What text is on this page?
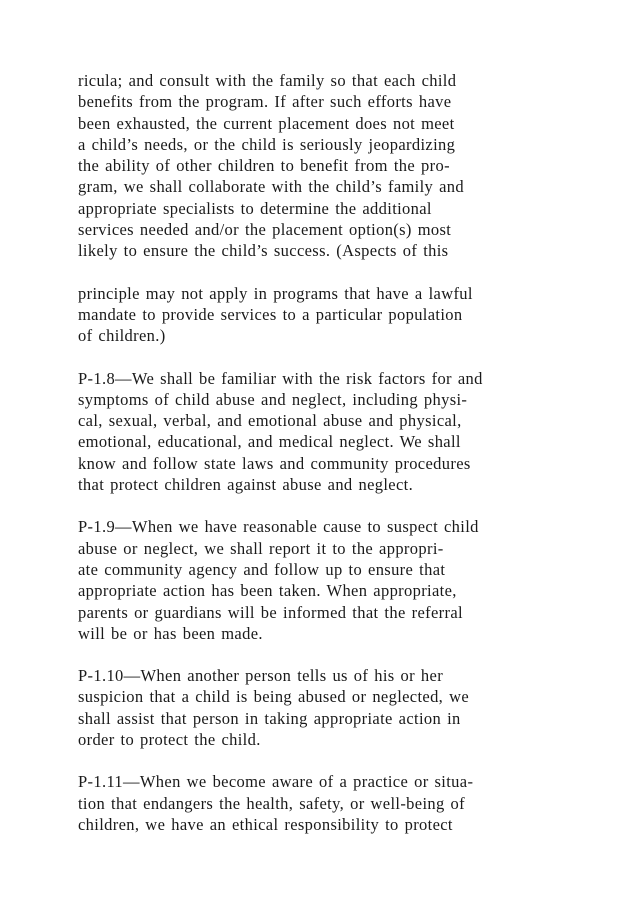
ricula; and consult with the family so that each child
benefits from the program. If after such efforts have
been exhausted, the current placement does not meet
a child’s needs, or the child is seriously jeopardizing
the ability of other children to benefit from the pro-
gram, we shall collaborate with the child’s family and
appropriate specialists to determine the additional
services needed and/or the placement option(s) most
likely to ensure the child’s success. (Aspects of this
principle may not apply in programs that have a lawful
mandate to provide services to a particular population
of children.)
P-1.8—We shall be familiar with the risk factors for and
symptoms of child abuse and neglect, including physi-
cal, sexual, verbal, and emotional abuse and physical,
emotional, educational, and medical neglect. We shall
know and follow state laws and community procedures
that protect children against abuse and neglect.
P-1.9—When we have reasonable cause to suspect child
abuse or neglect, we shall report it to the appropri-
ate community agency and follow up to ensure that
appropriate action has been taken. When appropriate,
parents or guardians will be informed that the referral
will be or has been made.
P-1.10—When another person tells us of his or her
suspicion that a child is being abused or neglected, we
shall assist that person in taking appropriate action in
order to protect the child.
P-1.11—When we become aware of a practice or situa-
tion that endangers the health, safety, or well-being of
children, we have an ethical responsibility to protect
